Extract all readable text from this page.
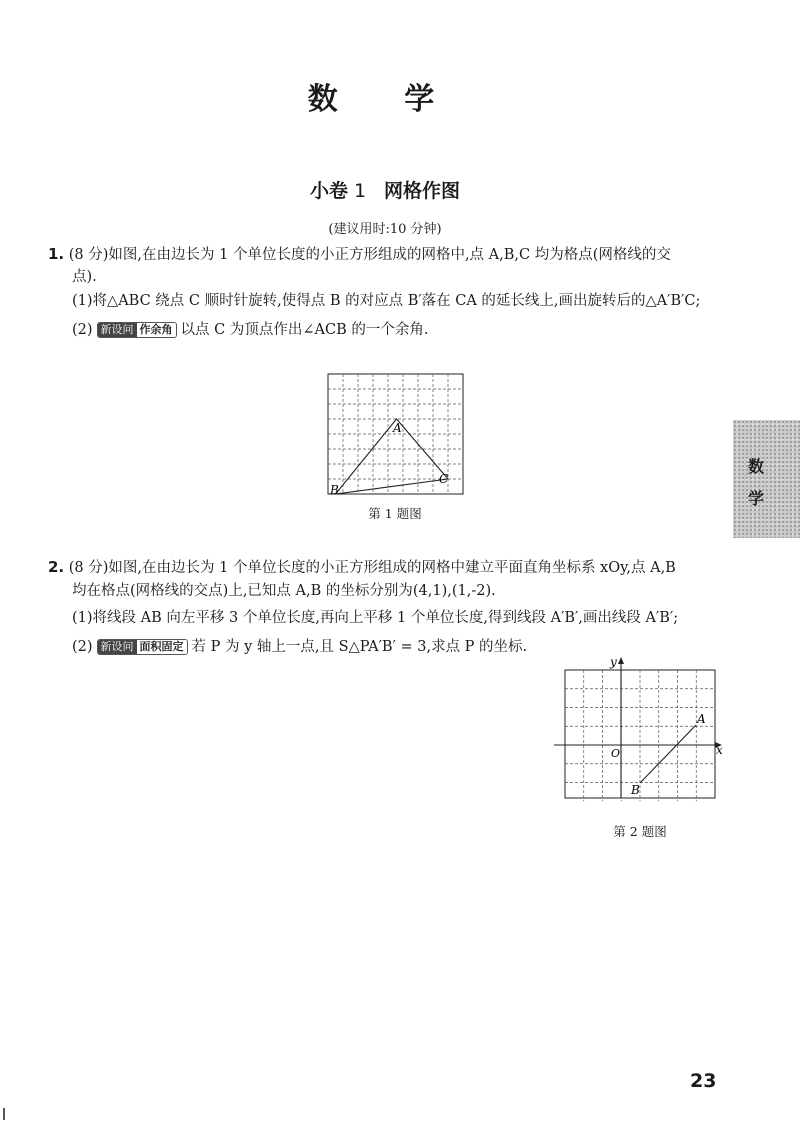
数 学
小卷 1 网格作图
(建议用时:10 分钟)
1. (8 分)如图,在由边长为 1 个单位长度的小正方形组成的网格中,点 A,B,C 均为格点(网格线的交
点).
(1)将△ABC 绕点 C 顺时针旋转,使得点 B 的对应点 B′落在 CA 的延长线上,画出旋转后的△A′B′C;
(2) 新设问 作余角 以点 C 为顶点作出∠ACB 的一个余角.
A
B
C
第 1 题图
数
学
2. (8 分)如图,在由边长为 1 个单位长度的小正方形组成的网格中建立平面直角坐标系 xOy,点 A,B
均在格点(网格线的交点)上,已知点 A,B 的坐标分别为(4,1),(1,-2).
(1)将线段 AB 向左平移 3 个单位长度,再向上平移 1 个单位长度,得到线段 A′B′,画出线段 A′B′;
(2) 新设问 面积固定 若 P 为 y 轴上一点,且 S△PA′B′ = 3,求点 P 的坐标.
y
x
O
A
B
第 2 题图
23
